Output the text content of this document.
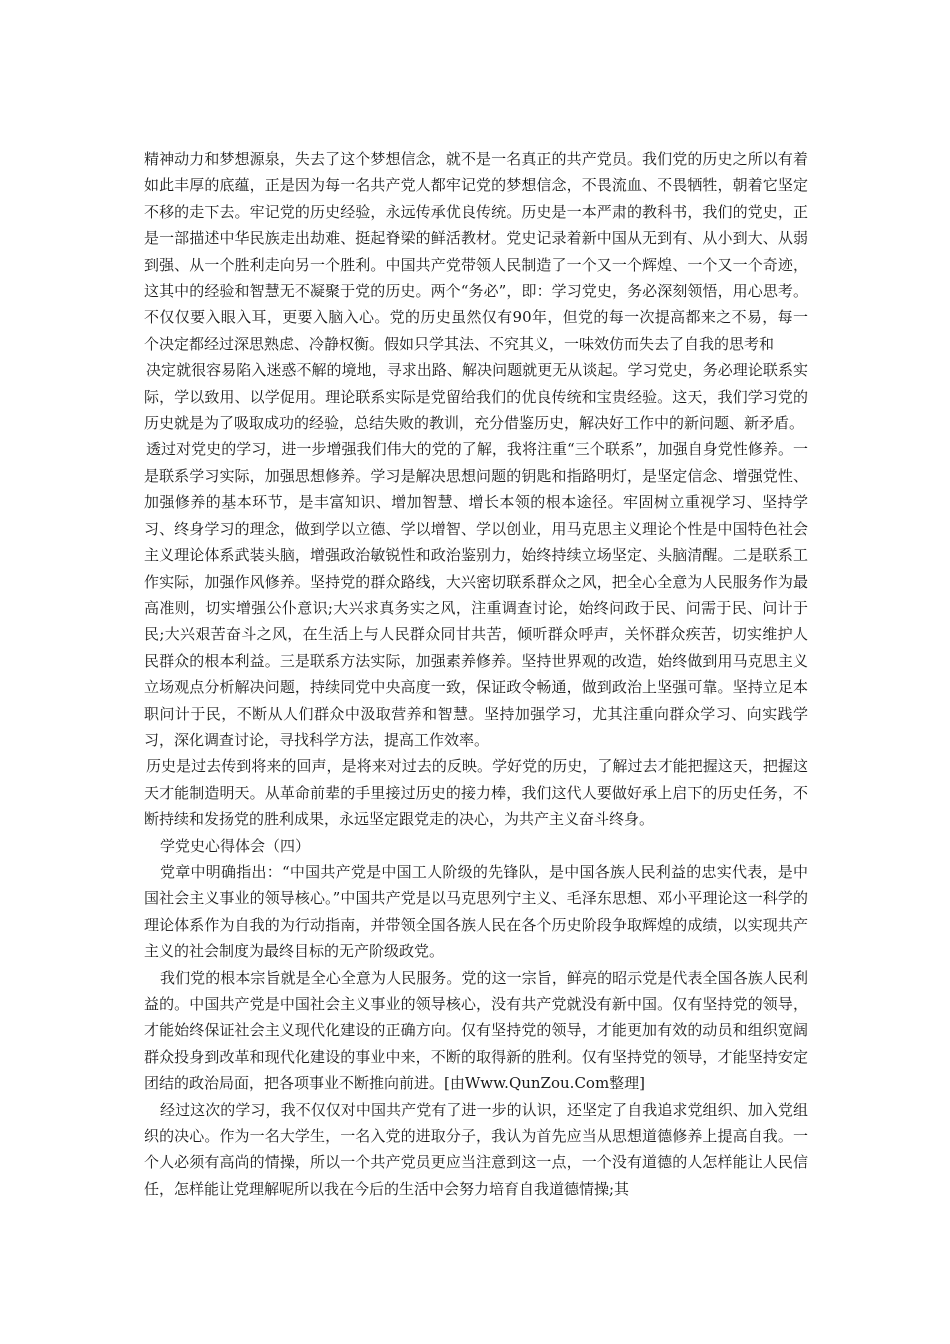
精神动力和梦想源泉，失去了这个梦想信念，就不是一名真正的共产党员。我们党的历史之所以有着如此丰厚的底蕴，正是因为每一名共产党人都牢记党的梦想信念，不畏流血、不畏牺牲，朝着它坚定不移的走下去。牢记党的历史经验，永远传承优良传统。历史是一本严肃的教科书，我们的党史，正是一部描述中华民族走出劫难、挺起脊梁的鲜活教材。党史记录着新中国从无到有、从小到大、从弱到强、从一个胜利走向另一个胜利。中国共产党带领人民制造了一个又一个辉煌、一个又一个奇迹，这其中的经验和智慧无不凝聚于党的历史。两个“务必”，即：学习党史，务必深刻领悟，用心思考。不仅仅要入眼入耳，更要入脑入心。党的历史虽然仅有90年，但党的每一次提高都来之不易，每一个决定都经过深思熟虑、冷静权衡。假如只学其法、不究其义，一味效仿而失去了自我的思考和

决定就很容易陷入迷惑不解的境地，寻求出路、解决问题就更无从谈起。学习党史，务必理论联系实际，学以致用、以学促用。理论联系实际是党留给我们的优良传统和宝贵经验。这天，我们学习党的历史就是为了吸取成功的经验，总结失败的教训，充分借鉴历史，解决好工作中的新问题、新矛盾。

透过对党史的学习，进一步增强我们伟大的党的了解，我将注重“三个联系”，加强自身党性修养。一是联系学习实际，加强思想修养。学习是解决思想问题的钥匙和指路明灯，是坚定信念、增强党性、加强修养的基本环节，是丰富知识、增加智慧、增长本领的根本途径。牢固树立重视学习、坚持学习、终身学习的理念，做到学以立德、学以增智、学以创业，用马克思主义理论个性是中国特色社会主义理论体系武装头脑，增强政治敏锐性和政治鉴别力，始终持续立场坚定、头脑清醒。二是联系工作实际，加强作风修养。坚持党的群众路线，大兴密切联系群众之风，把全心全意为人民服务作为最高准则，切实增强公仆意识;大兴求真务实之风，注重调查讨论，始终问政于民、问需于民、问计于民;大兴艰苦奋斗之风，在生活上与人民群众同甘共苦，倾听群众呼声，关怀群众疾苦，切实维护人民群众的根本利益。三是联系方法实际，加强素养修养。坚持世界观的改造，始终做到用马克思主义立场观点分析解决问题，持续同党中央高度一致，保证政令畅通，做到政治上坚强可靠。坚持立足本职问计于民，不断从人们群众中汲取营养和智慧。坚持加强学习，尤其注重向群众学习、向实践学习，深化调查讨论，寻找科学方法，提高工作效率。

历史是过去传到将来的回声，是将来对过去的反映。学好党的历史，了解过去才能把握这天，把握这天才能制造明天。从革命前辈的手里接过历史的接力棒，我们这代人要做好承上启下的历史任务，不断持续和发扬党的胜利成果，永远坚定跟党走的决心，为共产主义奋斗终身。

学党史心得体会（四）

党章中明确指出：“中国共产党是中国工人阶级的先锋队，是中国各族人民利益的忠实代表，是中国社会主义事业的领导核心。”中国共产党是以马克思列宁主义、毛泽东思想、邓小平理论这一科学的理论体系作为自我的为行动指南，并带领全国各族人民在各个历史阶段争取辉煌的成绩，以实现共产主义的社会制度为最终目标的无产阶级政党。

我们党的根本宗旨就是全心全意为人民服务。党的这一宗旨，鲜亮的昭示党是代表全国各族人民利益的。中国共产党是中国社会主义事业的领导核心，没有共产党就没有新中国。仅有坚持党的领导，才能始终保证社会主义现代化建设的正确方向。仅有坚持党的领导，才能更加有效的动员和组织宽阔群众投身到改革和现代化建设的事业中来，不断的取得新的胜利。仅有坚持党的领导，才能坚持安定团结的政治局面，把各项事业不断推向前进。[由Www.QunZou.Com整理]

经过这次的学习，我不仅仅对中国共产党有了进一步的认识，还坚定了自我追求党组织、加入党组织的决心。作为一名大学生，一名入党的进取分子，我认为首先应当从思想道德修养上提高自我。一个人必须有高尚的情操，所以一个共产党员更应当注意到这一点，一个没有道德的人怎样能让人民信任，怎样能让党理解呢所以我在今后的生活中会努力培育自我道德情操;其
